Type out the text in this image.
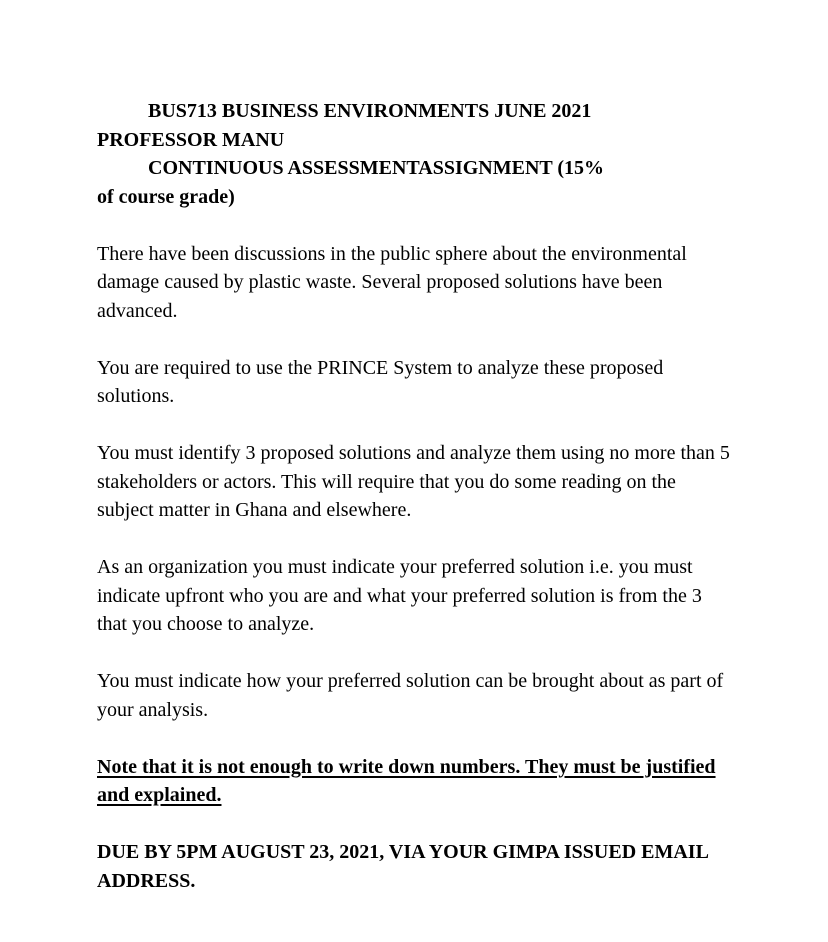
BUS713 BUSINESS ENVIRONMENTS JUNE 2021
PROFESSOR MANU
CONTINUOUS ASSESSMENTASSIGNMENT (15%
of course grade)

There have been discussions in the public sphere about the environmental damage caused by plastic waste. Several proposed solutions have been advanced.

You are required to use the PRINCE System to analyze these proposed solutions.

You must identify 3 proposed solutions and analyze them using no more than 5 stakeholders or actors. This will require that you do some reading on the subject matter in Ghana and elsewhere.

As an organization you must indicate your preferred solution i.e. you must indicate upfront who you are and what your preferred solution is from the 3 that you choose to analyze.

You must indicate how your preferred solution can be brought about as part of your analysis.

Note that it is not enough to write down numbers. They must be justified and explained.

DUE BY 5PM AUGUST 23, 2021, VIA YOUR GIMPA ISSUED EMAIL ADDRESS.
